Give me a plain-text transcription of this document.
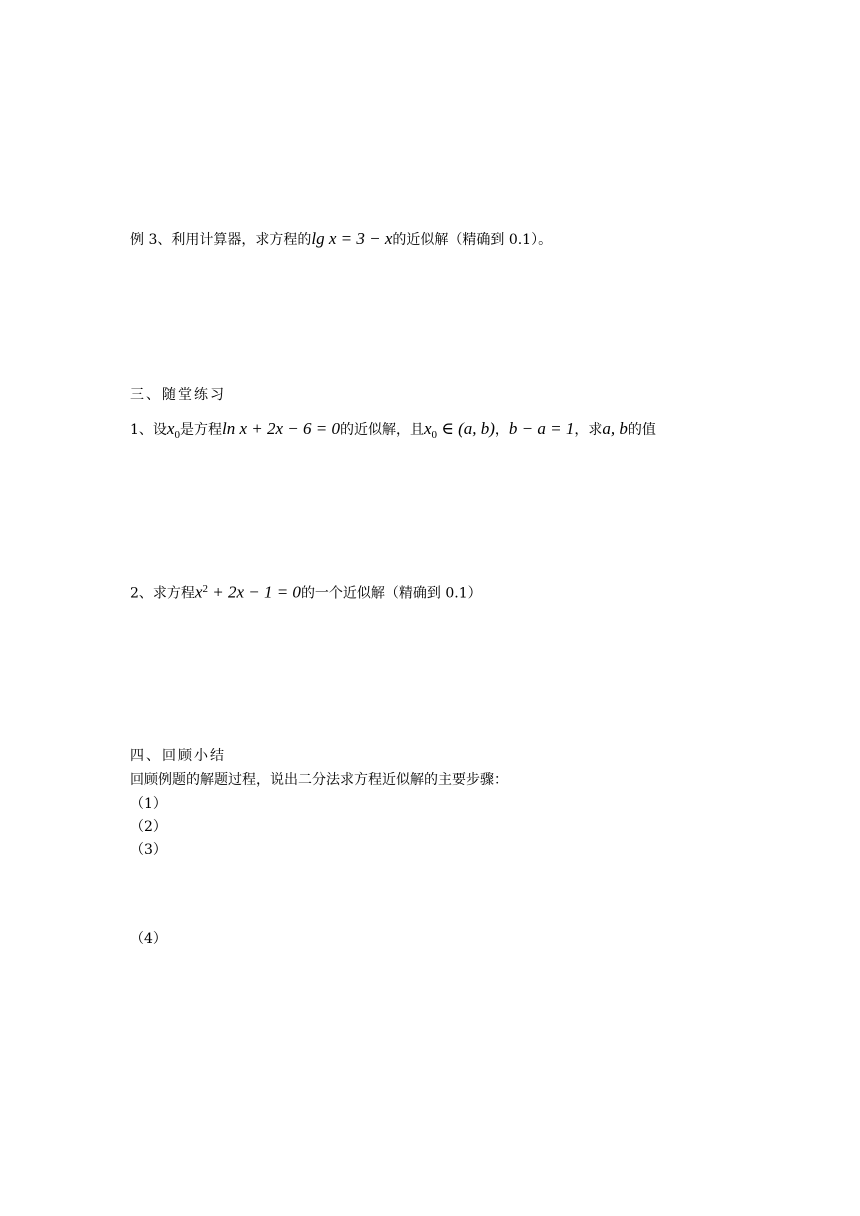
例 3、利用计算器，求方程的lg x = 3 − x的近似解（精确到 0.1）。
三、随堂练习
1、设$x_0$是方程ln x + 2x − 6 = 0的近似解，且$x_0$ ∈ (a, b)，b − a = 1，求a, b的值
2、求方程$x^2 + 2x - 1 = 0$的一个近似解（精确到 0.1）
四、回顾小结
回顾例题的解题过程，说出二分法求方程近似解的主要步骤：
（1）
（2）
（3）
（4）
